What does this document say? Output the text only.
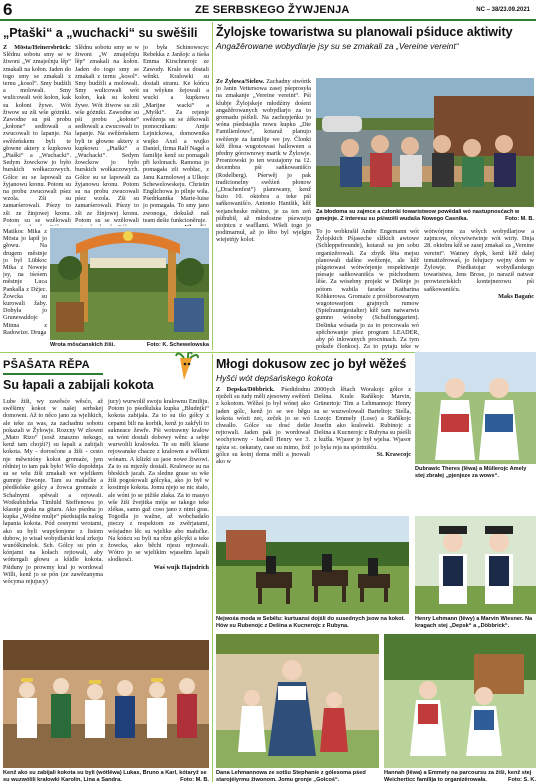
6	ZE SERBSKEGO ŽYWJENJA	NC – 38/23.09.2021
„Ptaški“ a „wuchacki“ su swěšili

Z Mösta/Heinersbrück: Slědnu sobotu smy se w žiwoni „W zmaječnju lěp“ zmakali na kołon. Jaden do togo smy se zmakali z ternu „kosol“. Smy budźili a molowali. Smy wulicowali wót kołon, kak su kołoni žywe. Wót žiwow su zši wše góżniki. Zawodne su pśi probu „kołone“ sedłowali a zwucowali to lapanje. Na swěźeńskem byli te głowne aktery z kupkowu „Ptaški“ a „Wuchacki“. Sedym žowckow jo było burskich wołkaczowych. Gólce su se lapowali za žyjanowu kronu. Potom su na probu zwucowali pśez wzola. Zši su zamarśerowali. Pśezy to zši ze žinjowej kronu. Potom su se wzělowali

Slědnu sobotu smy se w žiwoni „W zmaječnju lěp“ zmakali na kołon. Jaden do togo smy se zmakali z ternu „kosol“. Smy budźili a molowali. Smy wulicowali wót kołon, kak su kołoni žywe. Wót žiwow su zši wše góżniki. Zawodne su pśi probu „kołone“ sedłowali a zwucowali to lapanje. Na swěźeńskem byli te głowne aktery z kupkowu „Ptaški“ a „Wuchacki“. Sedym žowckow jo było burskich wołkaczowych. Gólce su se lapowali za žyjanowu kronu. Potom su na probu zwucowali pśez wzola. Zši su zamarśerowali. Pśezy to zši ze žinjowej kronu. Potom su se wzělowali

jo była Schinowscyc Rebekka z Janšojc a tśeša Emma Kirschnerojc ze Zawody. Krale su dostali wěnki. Kralowki su dostali stranu. Ke kóńcu su wšykne žejowali a wucki a kupkowu „Marijne wacki“ a „Myški“. Za rejenje swěźenja su se źěkowali pomocnikam: Antje Lejnickowa, domownika wujko Axel a wujko Daniel, firma Ralf Nagel a familije kenž su pomagali při kolonach. Ramona jo pomagała zši wobłac, z Janu Karnolowej a Ulkojc Schewelowskeju. Christin Englichowa jo pilnje wiła. Pśedrkantka Marie-luise jo pomagała. To smy jano zwonoga, dokulaž naš team dešie funkcioněruje.

Matikoc Mika z Mösta jo lapił jo głowu. Na drugem městnje jo był Lübkoc Mika z Noweje jsy, na tśeśem městnje Luca Pankalla z Dźjec. Žowcka su kurowali žaby. Dobyła jo Grunewaldojc Minna z Radowize. Druga

Wrota mösćanskich žiši.	Foto: K. Schewelowska
Žylojske towaristwa su planowali pśiduce aktiwity
Angažěrowane wobydlarje jsy su se zmakali za „Vereine vereint“

Ze Žylowa/Sielow. Zachadny stwórtk jo Janin Vettersowa zasej pśeprosyła na zmakanje „Vereine vereint“. Pśi klubje Žylojskeje młodźiny dośeni angažěrowanych wobydlarjo za to gromadu pśišeli. Na zachopjeńku jo wóna pśedstajiła nowu kupku „Die Familienlows“, kotaraž planujo swěźenje za familije we jsy. Člonki kěž žłosa wugotowasi halloween a předny górownowy marik w Žylowje. Prosniowski jo ten wustajony na 12. decembra pśi saňkowanišćo (Rodelberg). Pśerwěj jo pak tradicionelny swěźeń płonow („Drachenfest“) planowany, kenž bużo 10. oktobra a teke pśi saňkowanišćo. Antonio Hantšik, kěž wejancheske městno, je za ten zeń pśibubił, až młodostne pśewzeju stojnicu z wafllami. Wšeli togo jo podimarnuł, až jo łěto byl wjelgin wiejetńjy kolot.

Za błodoma su zajmce a członki towaristwow powědali wó nastupnosćach w gmejnje. Z interesu su pśiwzěli wudaša Nowego Casnika.	Foto: M. B.

To jo wobkrašił Andre Engemann wót Žylojskich Pśjaseche slžkich awtowe (Schleppefreunde), kotaraž su jen sobu organizěrowali. Za zbytk łěta mejsu planowali dalšne swěźenje, ale kěž pśigotowasi wótwórjenje respektiwnje pśesaje saňkowanišća w pśichodnem lěśe. Za wósebny projekt w Dešinje jo pótom wabila fararka Katharina Köhkerowa. Gromaźe z prośiborowanym wugotowarjom grajnych rumow (Spielraumgestalter) kěž tam natwarwis gumno wónoby (Schulfunggarten). Dešinka wósada jo za to procowała wó spěchowanje pśez program LEADER, aby pó inlowanych procninach. Za tym pokaže člonkocj. Za to pytaju teke w

wótwórjone za wšych wobydlarjow a zajmcow, rěcywiwtwinje wót wirty. Dnja 28. oktobra kěž se zasej zmakaš za „Vereine vereint“. Watney dypk, kenž kěž dalej tematizěrowaš, jo felujucy wejny dom w Žylowje. Pśedkstojar wobydlarskego towaristwa, Jens Brose, jo naraził natwar prowizoriskich kontejnerowu pśi saňkowanišću.

Maks Bagańc

PŠAŠATA RĚPA
Su łapali a zabijali kokota

Lube žiši, wy zawěsće wěsćo, až swěšimy kokot w našej serbskej domowni. Až to něco jano za wjelikich, ale teke za was, za zachadnu sobotu pokazali w Žylowje. Rozcny W zšowni „Mato Rizo“ (sosž znaszno nekogo, kenž tam chojźi?) su łapali a zabijali kokota. My - dorosćone a žiši - cesto nje měwnióny kokot gromaźe, jym rědniej to tam pak było! Wšo dopołdnja su se wšu žiši zmakali we wjelikem gumnje žiwonje. Tam su małučke a pěedšolske gólcy a žowca gromaźe z Schalnymi spěwali a rejowali. Wotkubisbrka Timhild Steffenowa jo kšasnje grała na gitaru. Ako pśedna jo kupka „Wódne mulje“ pśedstajiła našog łapania kokota. Pód cesnymi wrotami, ako su byli wupyšonjone z listom dubow, jo wisał wobydlarski kral zrkoju wunóškinelok. Sch. Gólcy su pón z kónjami na kołach rejtowali, aby wóttergali głowu a kšidle kokota. Pśiduny jo prowmy kral jo wordowal Willi, kenž jo se pón (ze zawězanyma wócyma rejujucy)

jucy) wurwolił swoju kralownu Emiliju. Potom jo pśedšulska kupka „Bludnjki“ kokota zabijała. Za to su tšo gólcy z cepami bili na korbik, kenž jo zakřyli to sukneace žewře. Pśi wotrawny kralow su wóni dostali dobowy wěnc a sebje wurwolili kralowku. Te su měli klasne rejowanske chacze z kralowm a wělkmi wónam. A kšizki su jaoe nowe žiwowi. Za to su mjezšy dostali. Kralowce su na błeskich jacah. Za sledne grase su wše žiši pogośowali gólcyka, ako jo był w kostimje kokota. Jomu njejo se nic stało, ale wóni jo se pižiše złaka. Za to mauyo wše žiši žvejitka mója se takego teke zlékas, samo gaž coso jano z nimi gras. Togodla jo wažne, až wobchadašo pieczy z respektom ze zwěrjatami, wósjadno lěc su wjelike abo małučke. Na kóńcu su byli na rěze gólcyki a teke žowcka, ako běchi njesu rejtowali. Wótro jo se wjelikim wjasełim lapali slodkosći.

Waś wujk Hajndrich

Kenž ako su zabijali kokota su byli (wótlěwa) Lukas, Bruno a Karl, kótaryž se su wuzwólili kralowki Karolin, Lina a Sandra.	Foto: M. B.
Młogi dokusow zec jo był wěžeś
Hyšći wót depśańskego kokota

Z Depska/Döbbrick. Pśedidodnu nježeli su tudy měli zjesowny swěźeń z kokotom. Wěžeś jo był wónej ako jaden gólc, kenž jo se we běgu kokota wósti zec, zeček jo se wó chwalło. Gólce su dosć dešie rejtowali. Jaden pak jo wordował wochytowny - Isabell Henry we 3. tgóza sc. oekaraty, case su mimo, žož gólce su koinj doma měli a jnowali ako w

2000ych lětach Worakojc gólce z Dešina. Krale Raňškojc Marvin, Grünertojc Tim a Lehmannojc Henry su se wuzwolowali Barteltojc Stella, Lozojc Emmely (Lose) a Raňškojc Josefin ako kralowki. Rubinojc z Dešina a Kucnerojc z Rubyna su pśešli z kužła. Wjasor jo był wjelsa. Wjasor jo byla reja na spórtnišću.

St. Krawcojc

Dubrawic Theres (lěwa) a Müllerojc Amely stej zbrałej „pjenjeze za wows“.
Nejwośa moda w Sebělu: kurtuansi dojśli do susednych jsow na kokot. Hów su Rubenojc z Dešina a Kucnerojc z Rubyna.
Henry Lehmann (lěwy) a Marvin Wiesner. Na kragach stej „Depsk“ a „Döbbrick“.
Dana Lehmannowa ze sotšu Stephanie z gólesoma pśed starojéiyrmu žiwonom. Jomu gronje „Golcoś“.
Hannah (lěwa) a Emmely na parcoursu za žiši, kenž stej Weicherticc familija to organizěrowała.	Foto: S. K.
